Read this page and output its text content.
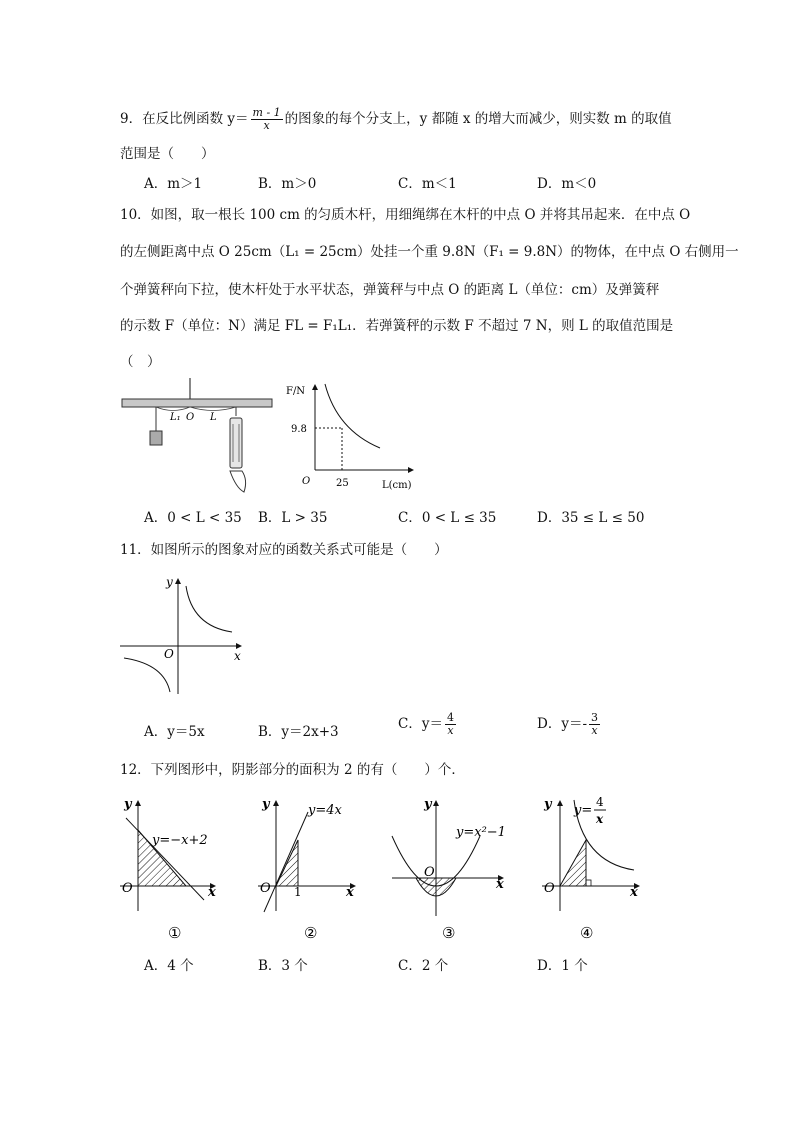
9．在反比例函数 $y= \frac{m - 1}{x}$ 的图象的每个分支上，y 都随 x 的增大而减少，则实数 m 的取值
范围是（　　）
A．m＞1	B．m＞0	C．m＜1	D．m＜0
10．如图，取一根长 100 cm 的匀质木杆，用细绳绑在木杆的中点 O 并将其吊起来．在中点 O
的左侧距离中点 O 25cm（L₁ = 25cm）处挂一个重 9.8N（F₁ = 9.8N）的物体，在中点 O 右侧用一
个弹簧秤向下拉，使木杆处于水平状态，弹簧秤与中点 O 的距离 L（单位：cm）及弹簧秤
的示数 F（单位：N）满足 FL = F₁L₁．若弹簧秤的示数 F 不超过 7 N，则 L 的取值范围是
（　）
L₁ O L
F/N
9.8
O	25	L(cm)
A．0 < L < 35 B．L > 35	C．0 < L ≤ 35	D．35 ≤ L ≤ 50
11．如图所示的图象对应的函数关系式可能是（　　）
y
x
O
A．y＝5x	B．y＝2x+3	C．$y= \frac{4}{x}$	D．$y=- \frac{3}{x}$
12．下列图形中，阴影部分的面积为 2 的有（　　）个．
y
y=−x+2
O	x
①
y	y=4x
O 1	x
②
y
y=x²−1
O
x
③
y y=
4
x
O	x
④
A．4 个	B．3 个	C．2 个	D．1 个
